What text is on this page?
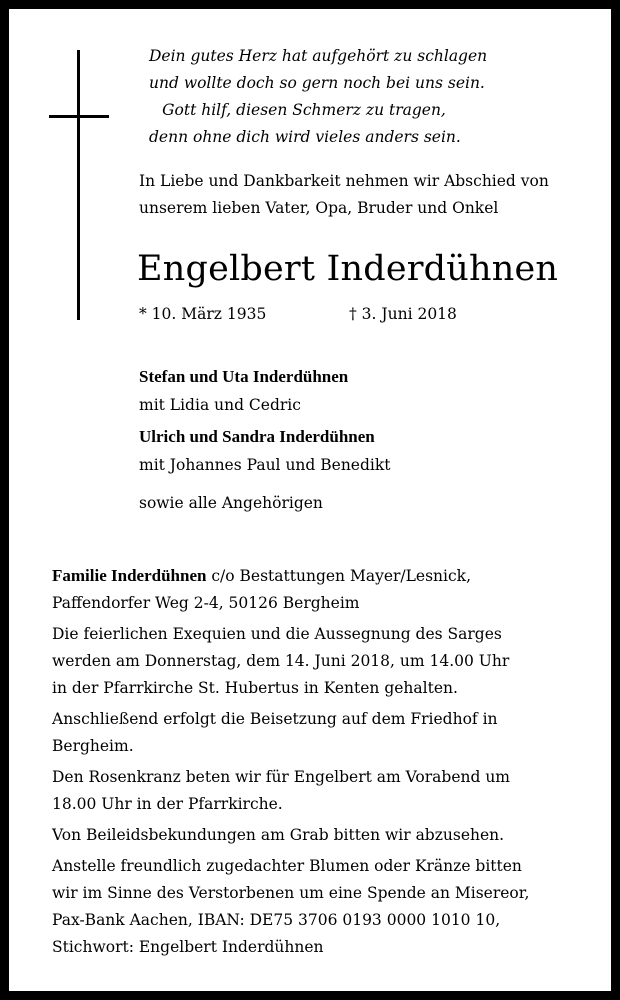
Dein gutes Herz hat aufgehört zu schlagen
und wollte doch so gern noch bei uns sein.
Gott hilf, diesen Schmerz zu tragen,
denn ohne dich wird vieles anders sein.
In Liebe und Dankbarkeit nehmen wir Abschied von
unserem lieben Vater, Opa, Bruder und Onkel
Engelbert Inderdühnen
* 10. März 1935	† 3. Juni 2018
Stefan und Uta Inderdühnen
mit Lidia und Cedric
Ulrich und Sandra Inderdühnen
mit Johannes Paul und Benedikt
sowie alle Angehörigen
Familie Inderdühnen c/o Bestattungen Mayer/Lesnick,
Paffendorfer Weg 2-4, 50126 Bergheim
Die feierlichen Exequien und die Aussegnung des Sarges
werden am Donnerstag, dem 14. Juni 2018, um 14.00 Uhr
in der Pfarrkirche St. Hubertus in Kenten gehalten.
Anschließend erfolgt die Beisetzung auf dem Friedhof in
Bergheim.
Den Rosenkranz beten wir für Engelbert am Vorabend um
18.00 Uhr in der Pfarrkirche.
Von Beileidsbekundungen am Grab bitten wir abzusehen.
Anstelle freundlich zugedachter Blumen oder Kränze bitten
wir im Sinne des Verstorbenen um eine Spende an Misereor,
Pax-Bank Aachen, IBAN: DE75 3706 0193 0000 1010 10,
Stichwort: Engelbert Inderdühnen
